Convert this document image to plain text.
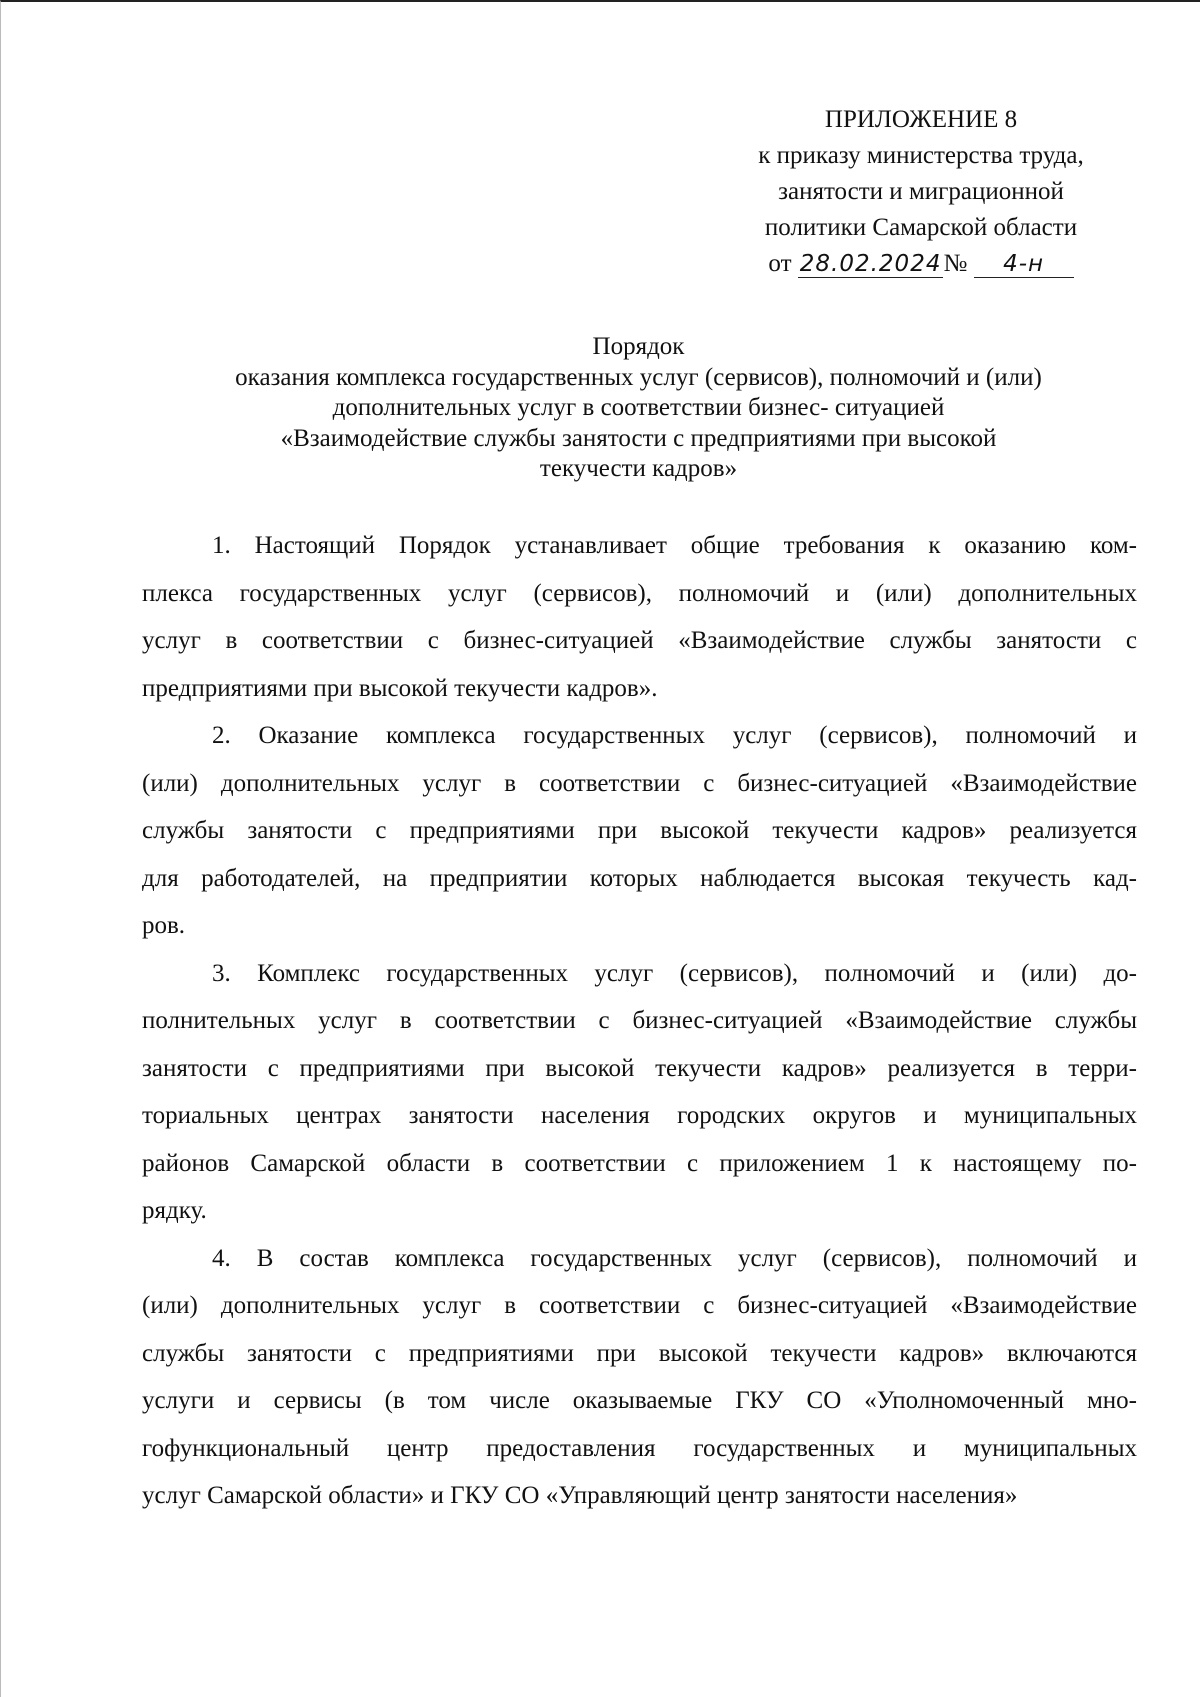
ПРИЛОЖЕНИЕ 8
к приказу министерства труда,
занятости и миграционной
политики Самарской области
от 28.02.2024№ 4-н
Порядок
оказания комплекса государственных услуг (сервисов), полномочий и (или)
дополнительных услуг в соответствии бизнес- ситуацией
«Взаимодействие службы занятости с предприятиями при высокой
текучести кадров»
1. Настоящий Порядок устанавливает общие требования к оказанию ком-
плекса государственных услуг (сервисов), полномочий и (или) дополнительных
услуг в соответствии с бизнес-ситуацией «Взаимодействие службы занятости с
предприятиями при высокой текучести кадров».
2. Оказание комплекса государственных услуг (сервисов), полномочий и
(или) дополнительных услуг в соответствии с бизнес-ситуацией «Взаимодействие
службы занятости с предприятиями при высокой текучести кадров» реализуется
для работодателей, на предприятии которых наблюдается высокая текучесть кад-
ров.
3. Комплекс государственных услуг (сервисов), полномочий и (или) до-
полнительных услуг в соответствии с бизнес-ситуацией «Взаимодействие службы
занятости с предприятиями при высокой текучести кадров» реализуется в терри-
ториальных центрах занятости населения городских округов и муниципальных
районов Самарской области в соответствии с приложением 1 к настоящему по-
рядку.
4. В состав комплекса государственных услуг (сервисов), полномочий и
(или) дополнительных услуг в соответствии с бизнес-ситуацией «Взаимодействие
службы занятости с предприятиями при высокой текучести кадров» включаются
услуги и сервисы (в том числе оказываемые ГКУ СО «Уполномоченный мно-
гофункциональный центр предоставления государственных и муниципальных
услуг Самарской области» и ГКУ СО «Управляющий центр занятости населения»
